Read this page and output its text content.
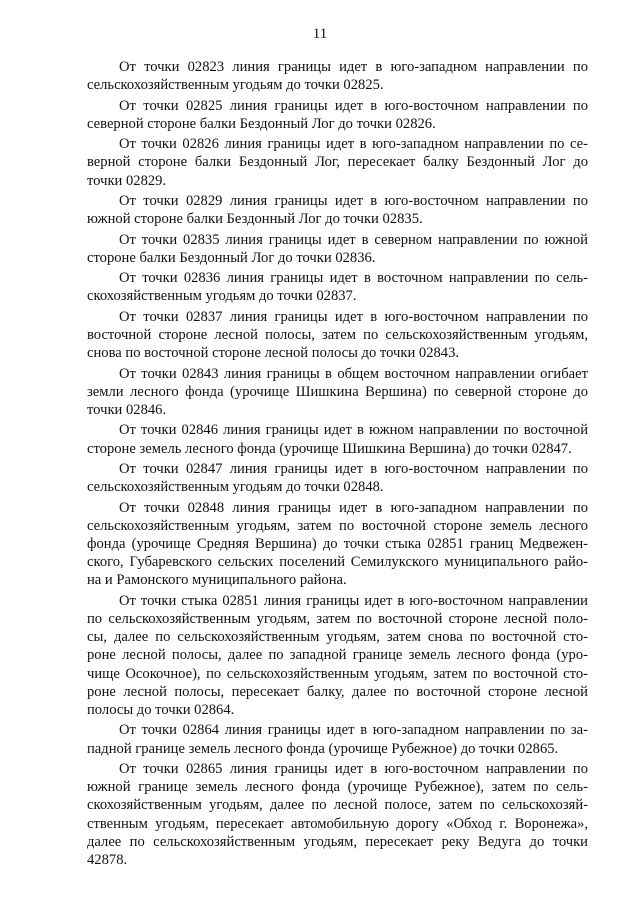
11

От точки 02823 линия границы идет в юго-западном направлении по
сельскохозяйственным угодьям до точки 02825.

От точки 02825 линия границы идет в юго-восточном направлении по
северной стороне балки Бездонный Лог до точки 02826.

От точки 02826 линия границы идет в юго-западном направлении по се-
верной стороне балки Бездонный Лог, пересекает балку Бездонный Лог до
точки 02829.

От точки 02829 линия границы идет в юго-восточном направлении по
южной стороне балки Бездонный Лог до точки 02835.

От точки 02835 линия границы идет в северном направлении по южной
стороне балки Бездонный Лог до точки 02836.

От точки 02836 линия границы идет в восточном направлении по сель-
скохозяйственным угодьям до точки 02837.

От точки 02837 линия границы идет в юго-восточном направлении по
восточной стороне лесной полосы, затем по сельскохозяйственным угодьям,
снова по восточной стороне лесной полосы до точки 02843.

От точки 02843 линия границы в общем восточном направлении огибает
земли лесного фонда (урочище Шишкина Вершина) по северной стороне до
точки 02846.

От точки 02846 линия границы идет в южном направлении по восточной
стороне земель лесного фонда (урочище Шишкина Вершина) до точки 02847.

От точки 02847 линия границы идет в юго-восточном направлении по
сельскохозяйственным угодьям до точки 02848.

От точки 02848 линия границы идет в юго-западном направлении по
сельскохозяйственным угодьям, затем по восточной стороне земель лесного
фонда (урочище Средняя Вершина) до точки стыка 02851 границ Медвежен-
ского, Губаревского сельских поселений Семилукского муниципального райо-
на и Рамонского муниципального района.

От точки стыка 02851 линия границы идет в юго-восточном направлении
по сельскохозяйственным угодьям, затем по восточной стороне лесной поло-
сы, далее по сельскохозяйственным угодьям, затем снова по восточной сто-
роне лесной полосы, далее по западной границе земель лесного фонда (уро-
чище Осокочное), по сельскохозяйственным угодьям, затем по восточной сто-
роне лесной полосы, пересекает балку, далее по восточной стороне лесной
полосы до точки 02864.

От точки 02864 линия границы идет в юго-западном направлении по за-
падной границе земель лесного фонда (урочище Рубежное) до точки 02865.

От точки 02865 линия границы идет в юго-восточном направлении по
южной границе земель лесного фонда (урочище Рубежное), затем по сель-
скохозяйственным угодьям, далее по лесной полосе, затем по сельскохозяй-
ственным угодьям, пересекает автомобильную дорогу «Обход г. Воронежа»,
далее по сельскохозяйственным угодьям, пересекает реку Ведуга до точки
42878.
